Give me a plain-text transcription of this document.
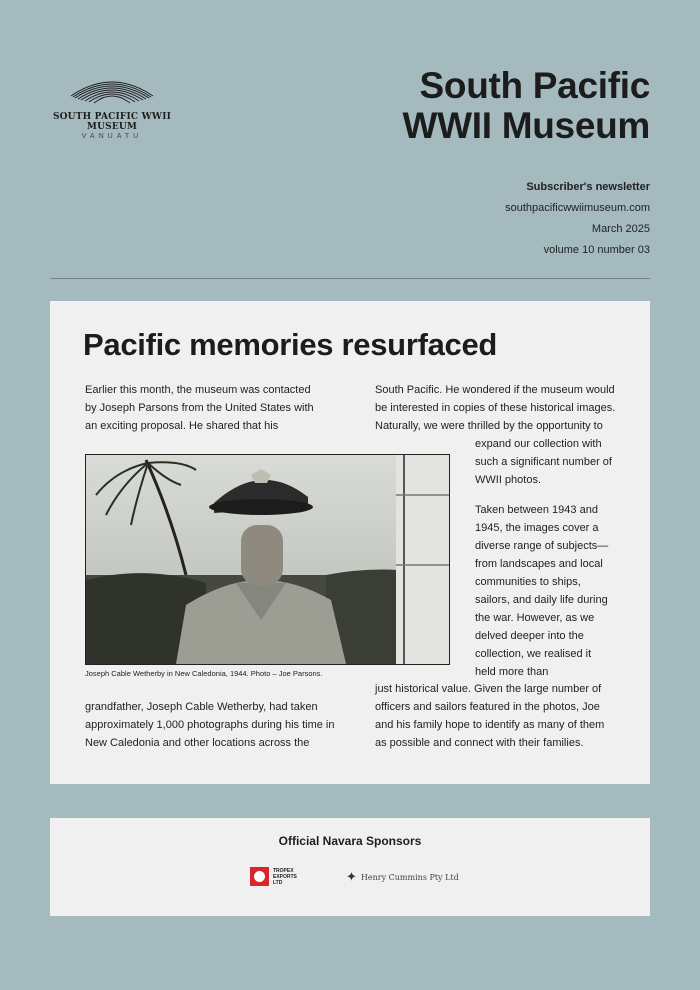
SOUTH PACIFIC WWII
MUSEUM
VANUATU
South Pacific
WWII Museum
Subscriber's newsletter
southpacificwwiimuseum.com
March 2025
volume 10 number 03
Pacific memories resurfaced

Earlier this month, the museum was contacted by Joseph Parsons from the United States with an exciting proposal. He shared that his

Joseph Cable Wetherby in New Caledonia, 1944. Photo – Joe Parsons.

grandfather, Joseph Cable Wetherby, had taken approximately 1,000 photographs during his time in New Caledonia and other locations across the

South Pacific. He wondered if the museum would be interested in copies of these historical images. Naturally, we were thrilled by the opportunity to

expand our collection with such a significant number of WWII photos.

Taken between 1943 and 1945, the images cover a diverse range of subjects—from landscapes and local communities to ships, sailors, and daily life during the war. However, as we delved deeper into the collection, we realised it held more than

just historical value. Given the large number of officers and sailors featured in the photos, Joe and his family hope to identify as many of them as possible and connect with their families.

Official Navara Sponsors
TROPEX EXPORTS LTD	✦ Henry Cummins Pty Ltd
